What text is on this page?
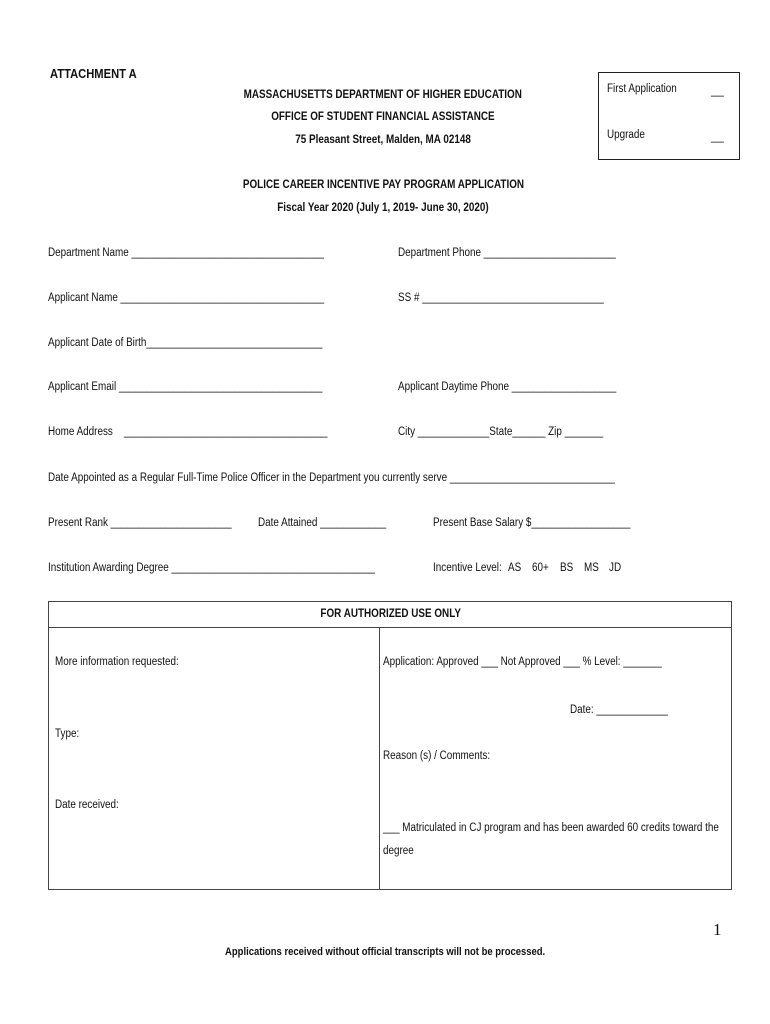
ATTACHMENT A
MASSACHUSETTS DEPARTMENT OF HIGHER EDUCATION
OFFICE OF STUDENT FINANCIAL ASSISTANCE
75 Pleasant Street, Malden, MA 02148
First Application	__
Upgrade	__
POLICE CAREER INCENTIVE PAY PROGRAM APPLICATION
Fiscal Year 2020 (July 1, 2019- June 30, 2020)
Department Name ___________________________________	Department Phone ________________________
Applicant Name _____________________________________	SS # _________________________________
Applicant Date of Birth________________________________
Applicant Email _____________________________________	Applicant Daytime Phone ___________________
Home Address    _____________________________________	City _____________State______ Zip _______
Date Appointed as a Regular Full-Time Police Officer in the Department you currently serve ______________________________
Present Rank ______________________	Date Attained ____________	Present Base Salary $__________________
Institution Awarding Degree _____________________________________	Incentive Level: AS 60+ BS MS JD
FOR AUTHORIZED USE ONLY
More information requested:
Type:
Date received:
Application: Approved ___ Not Approved ___ % Level: _______
Date: _____________
Reason (s) / Comments:
___ Matriculated in CJ program and has been awarded 60 credits toward the
degree
1
Applications received without official transcripts will not be processed.
